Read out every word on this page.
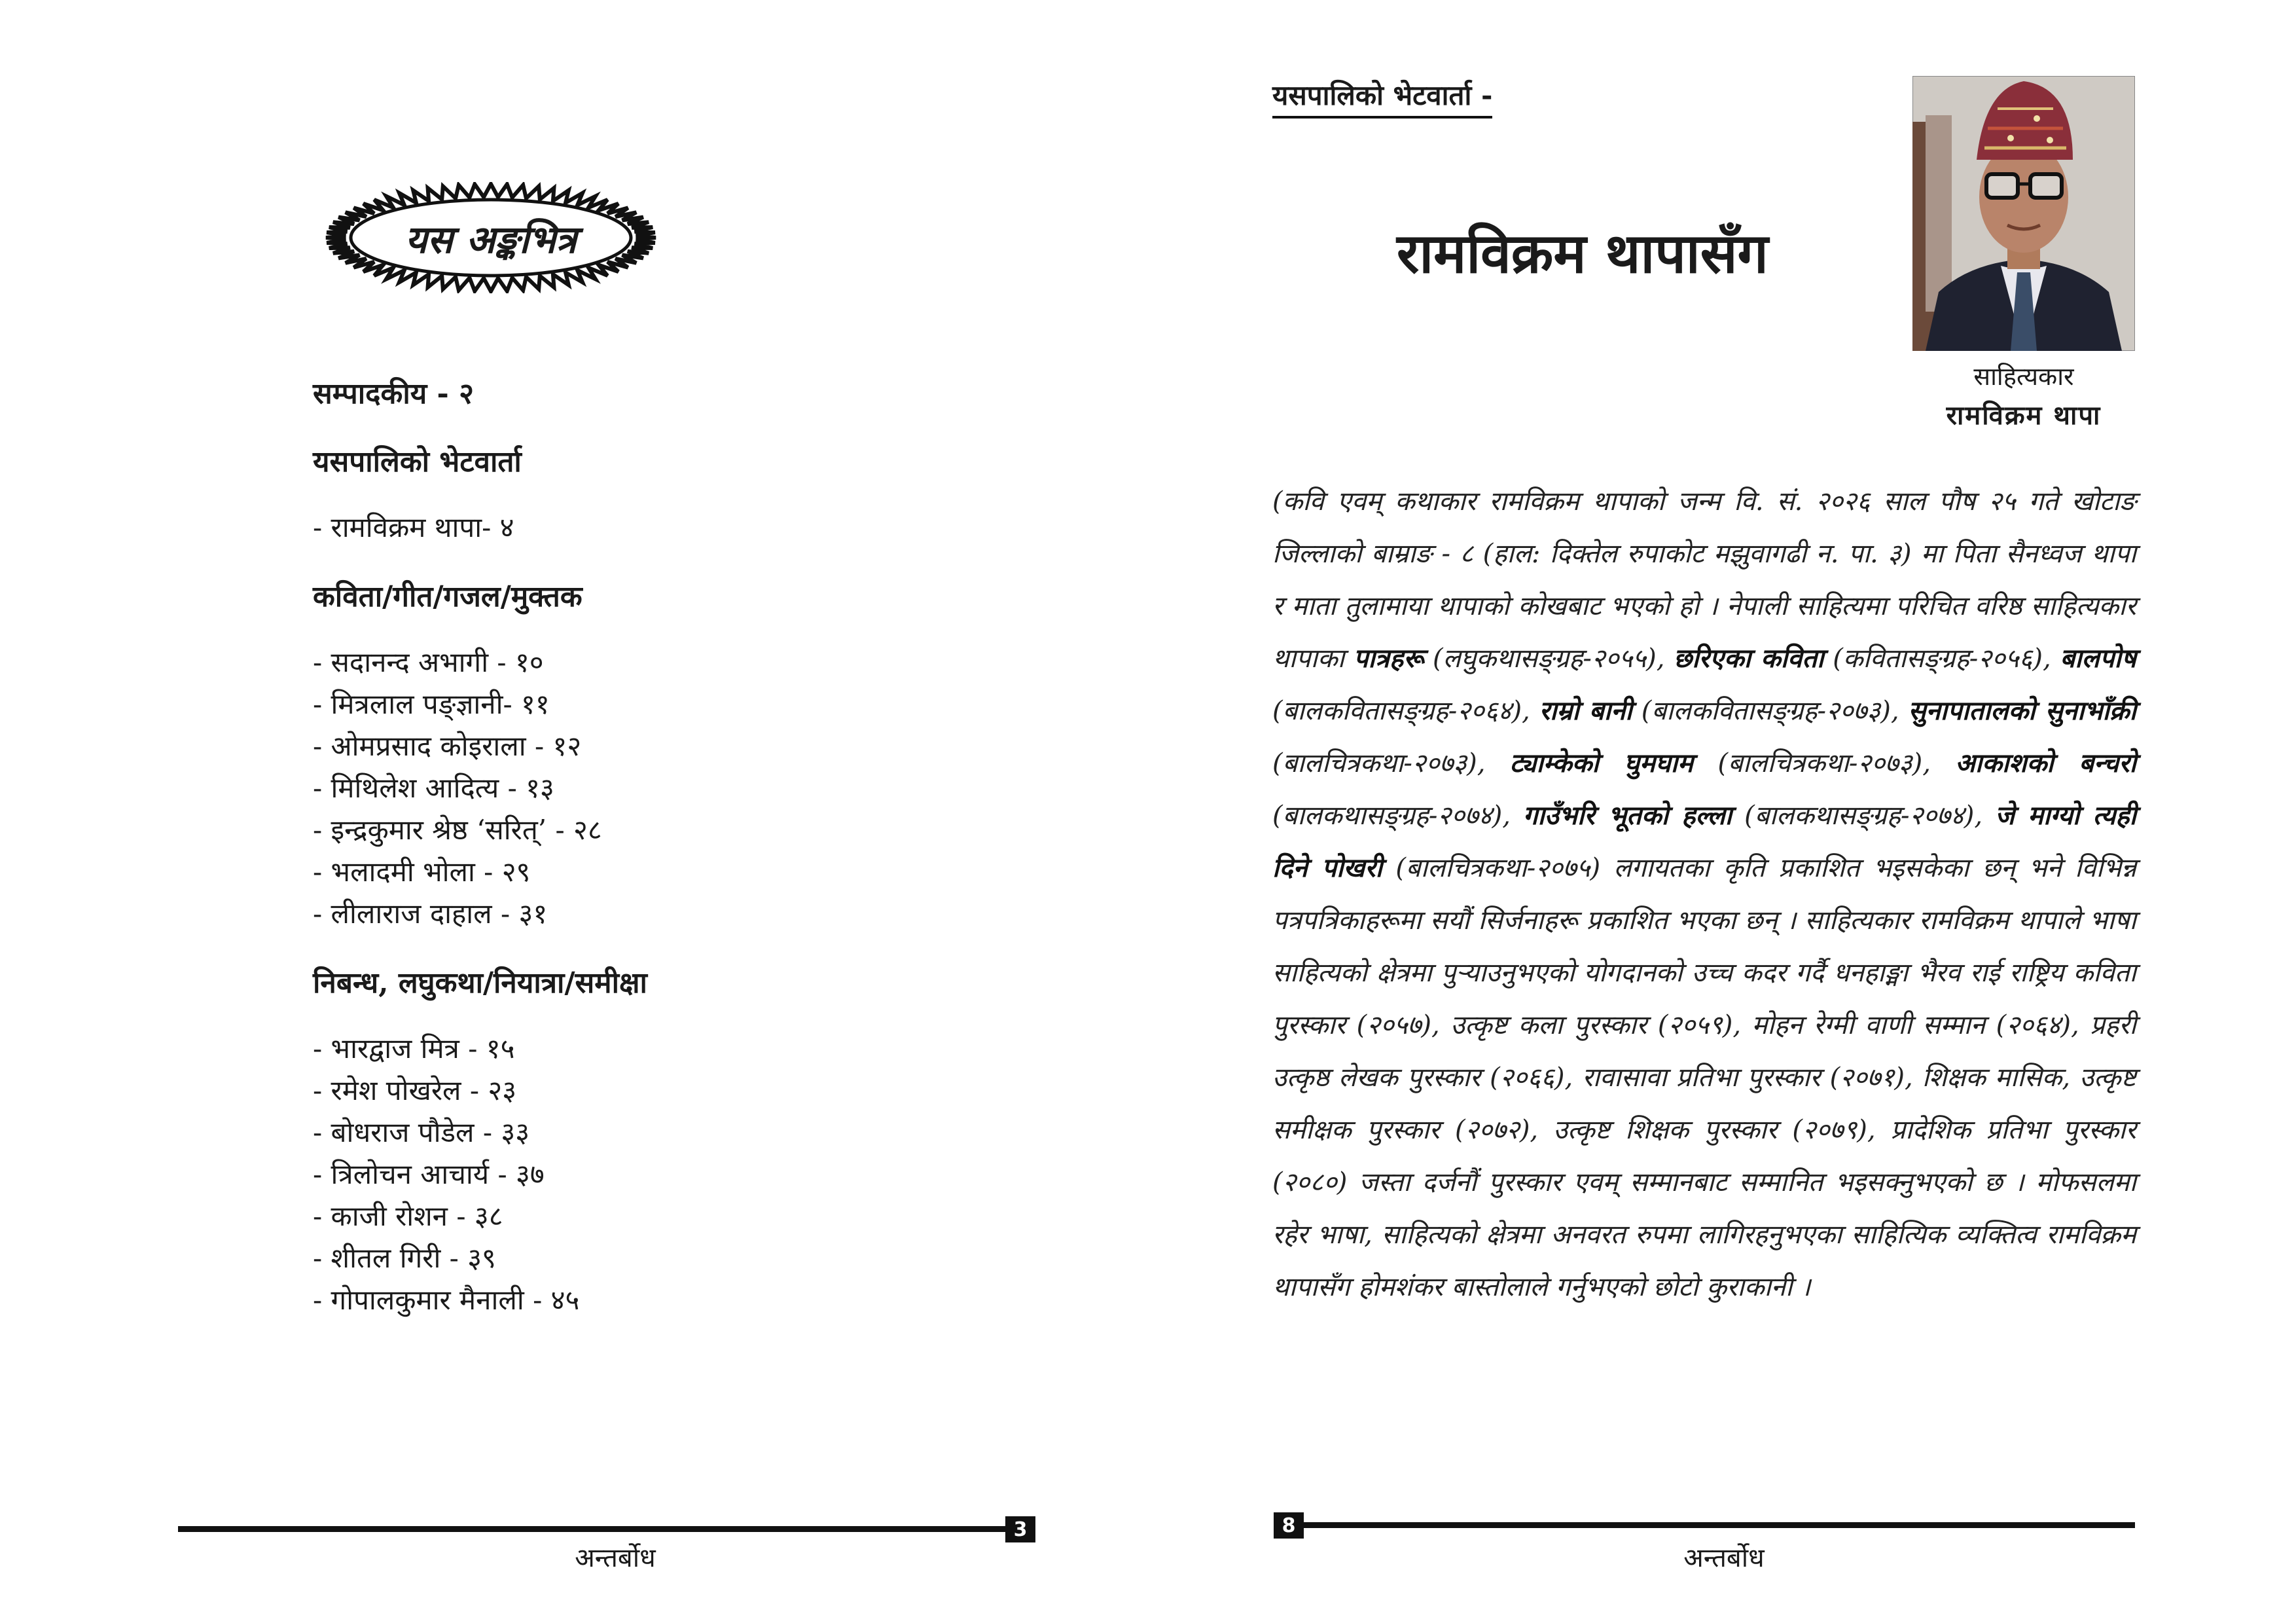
यस अङ्कभित्र

सम्पादकीय - २

यसपालिको भेटवार्ता

- रामविक्रम थापा- ४

कविता/गीत/गजल/मुक्तक

- सदानन्द अभागी - १०

- मित्रलाल पङ्ज्ञानी- ११

- ओमप्रसाद कोइराला - १२

- मिथिलेश आदित्य - १३

- इन्द्रकुमार श्रेष्ठ ‘सरित्’ - २८

- भलादमी भोला - २९

- लीलाराज दाहाल - ३१

निबन्ध, लघुकथा/नियात्रा/समीक्षा

- भारद्वाज मित्र - १५

- रमेश पोखरेल - २३

- बोधराज पौडेल - ३३

- त्रिलोचन आचार्य - ३७

- काजी रोशन - ३८

- शीतल गिरी - ३९

- गोपालकुमार मैनाली - ४५

3
अन्तर्बोध
यसपालिको भेटवार्ता -
रामविक्रम थापासँग
साहित्यकार
रामविक्रम थापा

(कवि एवम् कथाकार रामविक्रम थापाको जन्म वि. सं. २०२६ साल पौष २५ गते खोटाङ जिल्लाको बाम्राङ - ८ (हाल: दिक्तेल रुपाकोट मझुवागढी न. पा. ३) मा पिता सैनध्वज थापा र माता तुलामाया थापाको कोखबाट भएको हो । नेपाली साहित्यमा परिचित वरिष्ठ साहित्यकार थापाका पात्रहरू (लघुकथासङ्ग्रह-२०५५), छरिएका कविता (कवितासङ्ग्रह-२०५६), बालपोष (बालकवितासङ्ग्रह-२०६४), राम्रो बानी (बालकवितासङ्ग्रह-२०७३), सुनापातालको सुनाभाँक्री (बालचित्रकथा-२०७३), ट्याम्केको घुमघाम (बालचित्रकथा-२०७३), आकाशको बन्चरो (बालकथासङ्ग्रह-२०७४), गाउँभरि भूतको हल्ला (बालकथासङ्ग्रह-२०७४), जे माग्यो त्यही दिने पोखरी (बालचित्रकथा-२०७५) लगायतका कृति प्रकाशित भइसकेका छन् भने विभिन्न पत्रपत्रिकाहरूमा सयौं सिर्जनाहरू प्रकाशित भएका छन् । साहित्यकार रामविक्रम थापाले भाषा साहित्यको क्षेत्रमा पुर्‍याउनुभएको योगदानको उच्च कदर गर्दै धनहाङ्मा भैरव राई राष्ट्रिय कविता पुरस्कार (२०५७), उत्कृष्ट कला पुरस्कार (२०५९), मोहन रेग्मी वाणी सम्मान (२०६४), प्रहरी उत्कृष्ठ लेखक पुरस्कार (२०६६), रावासावा प्रतिभा पुरस्कार (२०७१), शिक्षक मासिक, उत्कृष्ट समीक्षक पुरस्कार (२०७२), उत्कृष्ट शिक्षक पुरस्कार (२०७९), प्रादेशिक प्रतिभा पुरस्कार (२०८०) जस्ता दर्जनौं पुरस्कार एवम् सम्मानबाट सम्मानित भइसक्नुभएको छ । मोफसलमा रहेर भाषा, साहित्यको क्षेत्रमा अनवरत रुपमा लागिरहनुभएका साहित्यिक व्यक्तित्व रामविक्रम थापासँग होमशंकर बास्तोलाले गर्नुभएको छोटो कुराकानी ।

8
अन्तर्बोध
